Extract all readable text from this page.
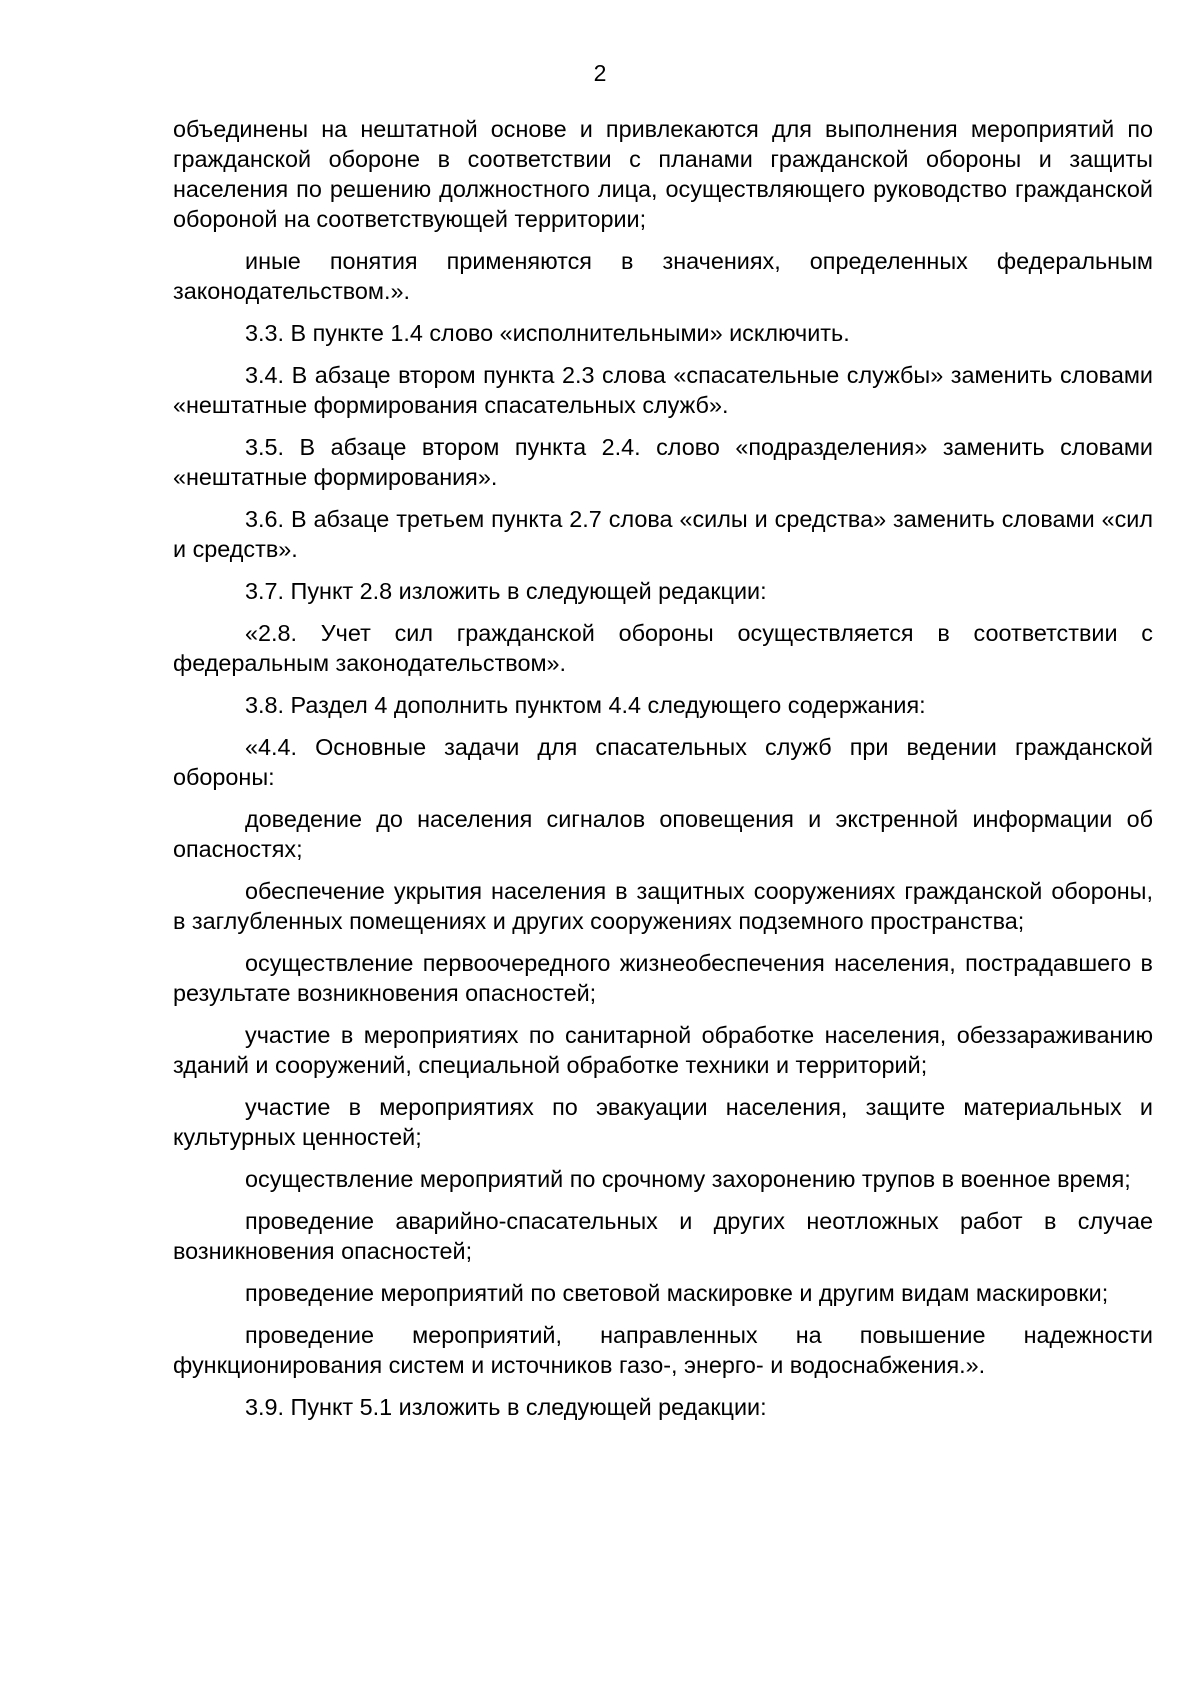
2

объединены на нештатной основе и привлекаются для выполнения мероприятий по гражданской обороне в соответствии с планами гражданской обороны и защиты населения по решению должностного лица, осуществляющего руководство гражданской обороной на соответствующей территории;

иные понятия применяются в значениях, определенных федеральным законодательством.».

3.3. В пункте 1.4 слово «исполнительными» исключить.

3.4. В абзаце втором пункта 2.3 слова «спасательные службы» заменить словами «нештатные формирования спасательных служб».

3.5. В абзаце втором пункта 2.4. слово «подразделения» заменить словами «нештатные формирования».

3.6. В абзаце третьем пункта 2.7 слова «силы и средства» заменить словами «сил и средств».

3.7. Пункт 2.8 изложить в следующей редакции:

«2.8. Учет сил гражданской обороны осуществляется в соответствии с федеральным законодательством».

3.8. Раздел 4 дополнить пунктом 4.4 следующего содержания:

«4.4. Основные задачи для спасательных служб при ведении гражданской обороны:

доведение до населения сигналов оповещения и экстренной информации об опасностях;

обеспечение укрытия населения в защитных сооружениях гражданской обороны, в заглубленных помещениях и других сооружениях подземного пространства;

осуществление первоочередного жизнеобеспечения населения, пострадавшего в результате возникновения опасностей;

участие в мероприятиях по санитарной обработке населения, обеззараживанию зданий и сооружений, специальной обработке техники и территорий;

участие в мероприятиях по эвакуации населения, защите материальных и культурных ценностей;

осуществление мероприятий по срочному захоронению трупов в военное время;

проведение аварийно-спасательных и других неотложных работ в случае возникновения опасностей;

проведение мероприятий по световой маскировке и другим видам маскировки;

проведение мероприятий, направленных на повышение надежности функционирования систем и источников газо-, энерго- и водоснабжения.».

3.9. Пункт 5.1 изложить в следующей редакции:
